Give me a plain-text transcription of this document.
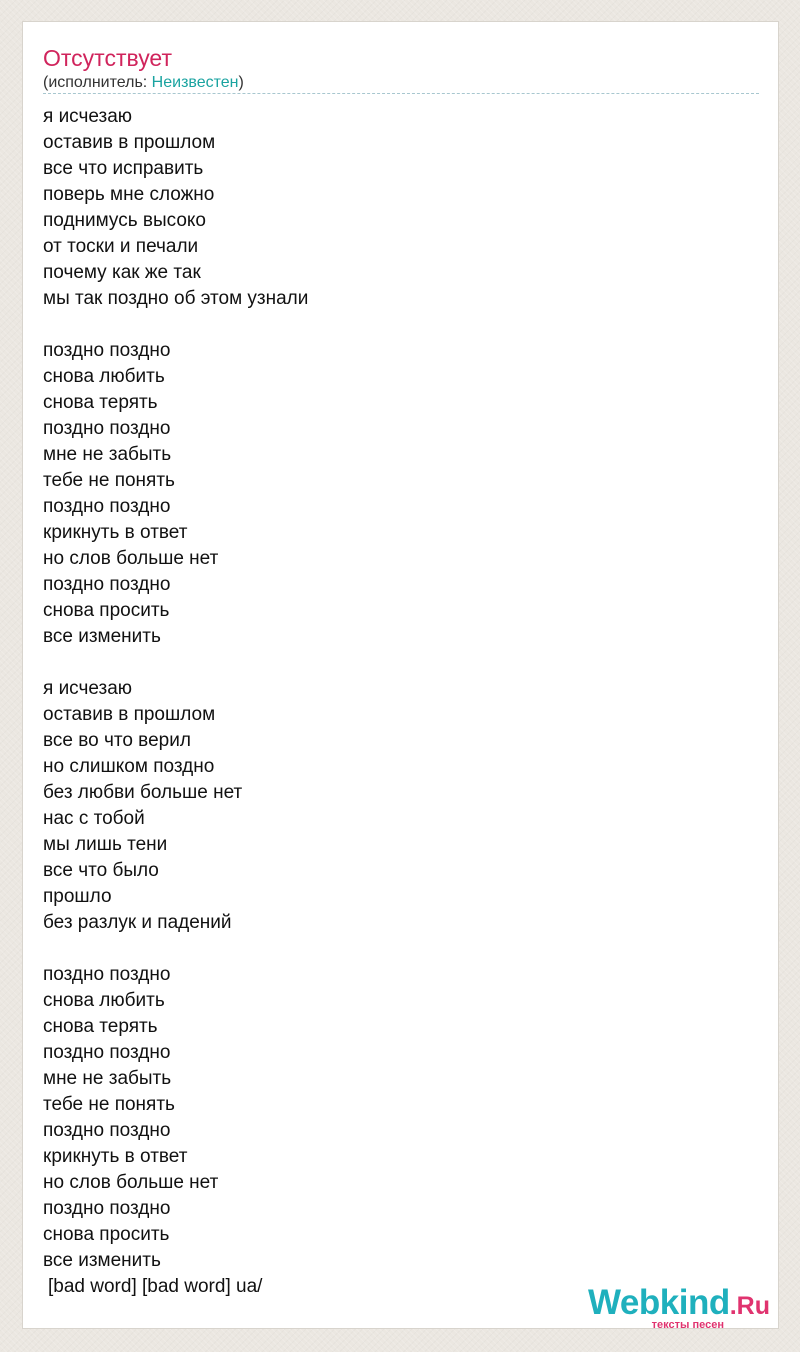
Отсутствует
(исполнитель: Неизвестен)
я исчезаю
оставив в прошлом
все что исправить
поверь мне сложно
поднимусь высоко
от тоски и печали
почему как же так
мы так поздно об этом узнали
поздно поздно
снова любить
снова терять
поздно поздно
мне не забыть
тебе не понять
поздно поздно
крикнуть в ответ
но слов больше нет
поздно поздно
снова просить
все изменить
я исчезаю
оставив в прошлом
все во что верил
но слишком поздно
без любви больше нет
нас с тобой
мы лишь тени
все что было
прошло
без разлук и падений
поздно поздно
снова любить
снова терять
поздно поздно
мне не забыть
тебе не понять
поздно поздно
крикнуть в ответ
но слов больше нет
поздно поздно
снова просить
все изменить
[bad word] [bad word] ua/	Webkind.Ru
тексты песен
